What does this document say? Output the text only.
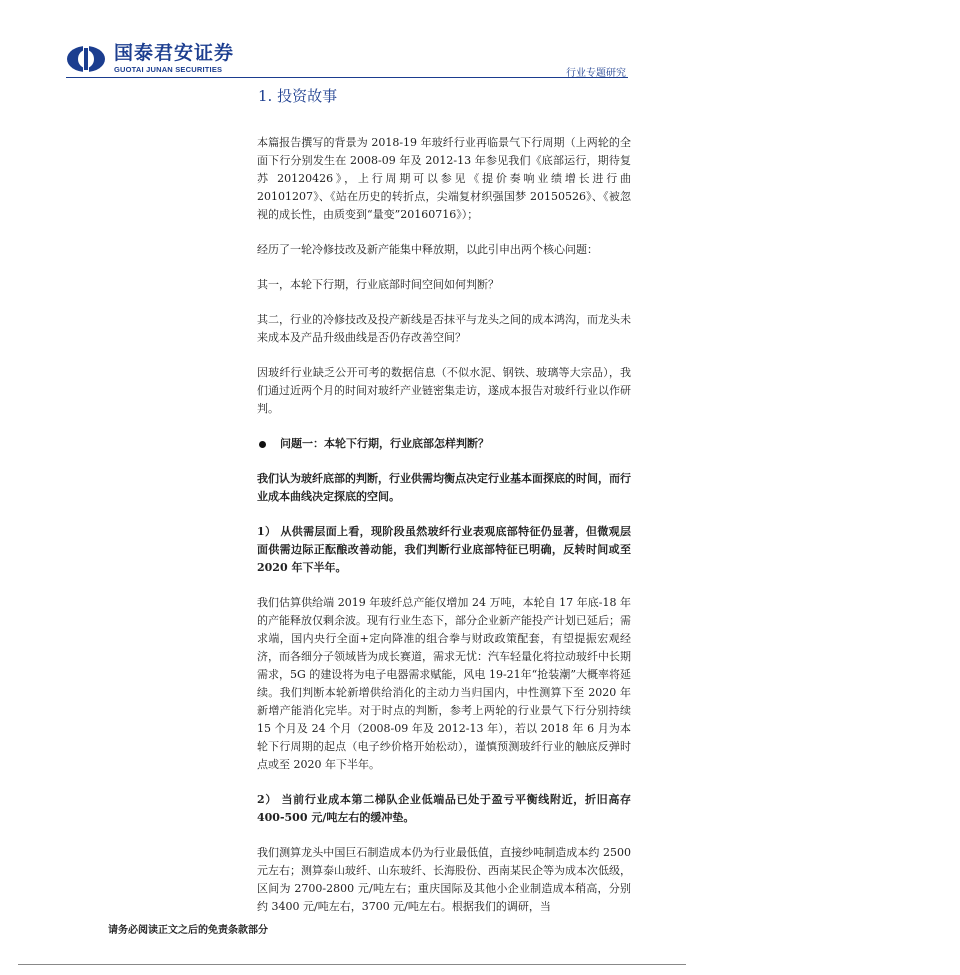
国泰君安证券
GUOTAI JUNAN SECURITIES	行业专题研究
1. 投资故事

本篇报告撰写的背景为 2018-19 年玻纤行业再临景气下行周期（上两轮的全面下行分别发生在 2008-09 年及 2012-13 年参见我们《底部运行，期待复苏 20120426》，上行周期可以参见《提价奏响业绩增长进行曲20101207》、《站在历史的转折点，尖端复材织强国梦 20150526》、《被忽视的成长性，由质变到“量变”20160716》）；

经历了一轮冷修技改及新产能集中释放期，以此引申出两个核心问题：

其一，本轮下行期，行业底部时间空间如何判断？

其二，行业的冷修技改及投产新线是否抹平与龙头之间的成本鸿沟，而龙头未来成本及产品升级曲线是否仍存改善空间？

因玻纤行业缺乏公开可考的数据信息（不似水泥、钢铁、玻璃等大宗品），我们通过近两个月的时间对玻纤产业链密集走访，遂成本报告对玻纤行业以作研判。

问题一：本轮下行期，行业底部怎样判断？

我们认为玻纤底部的判断，行业供需均衡点决定行业基本面探底的时间，而行业成本曲线决定探底的空间。

1） 从供需层面上看，现阶段虽然玻纤行业表观底部特征仍显著，但微观层面供需边际正酝酿改善动能，我们判断行业底部特征已明确，反转时间或至 2020 年下半年。

我们估算供给端 2019 年玻纤总产能仅增加 24 万吨，本轮自 17 年底-18 年的产能释放仅剩余波。现有行业生态下，部分企业新产能投产计划已延后；需求端，国内央行全面+定向降准的组合拳与财政政策配套，有望提振宏观经济，而各细分子领域皆为成长赛道，需求无忧：汽车轻量化将拉动玻纤中长期需求，5G 的建设将为电子电器需求赋能，风电 19-21年“抢装潮”大概率将延续。我们判断本轮新增供给消化的主动力当归国内，中性测算下至 2020 年新增产能消化完毕。对于时点的判断，参考上两轮的行业景气下行分别持续 15 个月及 24 个月（2008-09 年及 2012-13 年），若以 2018 年 6 月为本轮下行周期的起点（电子纱价格开始松动），谨慎预测玻纤行业的触底反弹时点或至 2020 年下半年。

2） 当前行业成本第二梯队企业低端品已处于盈亏平衡线附近，折旧高存 400-500 元/吨左右的缓冲垫。

我们测算龙头中国巨石制造成本仍为行业最低值，直接纱吨制造成本约 2500 元左右；测算泰山玻纤、山东玻纤、长海股份、西南某民企等为成本次低级，区间为 2700-2800 元/吨左右；重庆国际及其他小企业制造成本稍高，分别约 3400 元/吨左右，3700 元/吨左右。根据我们的调研，当

请务必阅读正文之后的免责条款部分
